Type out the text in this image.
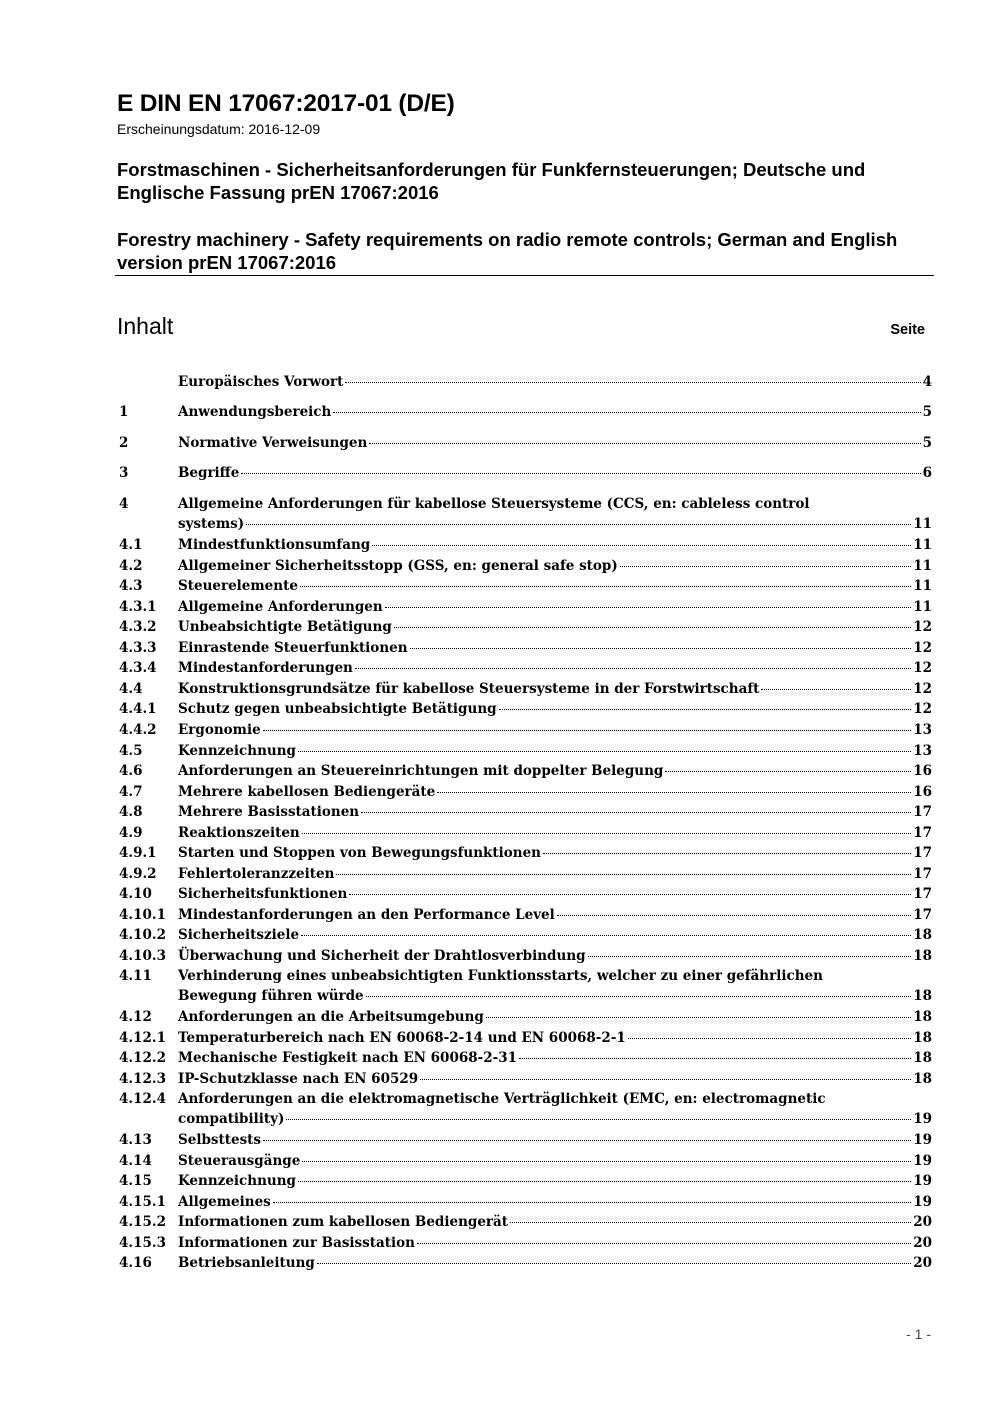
E DIN EN 17067:2017-01 (D/E)
Erscheinungsdatum: 2016-12-09
Forstmaschinen - Sicherheitsanforderungen für Funkfernsteuerungen; Deutsche und Englische Fassung prEN 17067:2016
Forestry machinery - Safety requirements on radio remote controls; German and English version prEN 17067:2016
Inhalt	Seite
Europäisches Vorwort	4
1	Anwendungsbereich	5
2	Normative Verweisungen	5
3	Begriffe	6
4	Allgemeine Anforderungen für kabellose Steuersysteme (CCS, en: cableless control
systems)	11
4.1	Mindestfunktionsumfang	11
4.2	Allgemeiner Sicherheitsstopp (GSS, en: general safe stop)	11
4.3	Steuerelemente	11
4.3.1 Allgemeine Anforderungen	11
4.3.2 Unbeabsichtigte Betätigung	12
4.3.3 Einrastende Steuerfunktionen	12
4.3.4 Mindestanforderungen	12
4.4	Konstruktionsgrundsätze für kabellose Steuersysteme in der Forstwirtschaft	12
4.4.1 Schutz gegen unbeabsichtigte Betätigung	12
4.4.2 Ergonomie	13
4.5	Kennzeichnung	13
4.6	Anforderungen an Steuereinrichtungen mit doppelter Belegung	16
4.7	Mehrere kabellosen Bediengeräte	16
4.8	Mehrere Basisstationen	17
4.9	Reaktionszeiten	17
4.9.1 Starten und Stoppen von Bewegungsfunktionen	17
4.9.2 Fehlertoleranzzeiten	17
4.10 Sicherheitsfunktionen	17
4.10.1 Mindestanforderungen an den Performance Level	17
4.10.2 Sicherheitsziele	18
4.10.3 Überwachung und Sicherheit der Drahtlosverbindung	18
4.11 Verhinderung eines unbeabsichtigten Funktionsstarts, welcher zu einer gefährlichen
Bewegung führen würde	18
4.12 Anforderungen an die Arbeitsumgebung	18
4.12.1 Temperaturbereich nach EN 60068-2-14 und EN 60068-2-1	18
4.12.2 Mechanische Festigkeit nach EN 60068-2-31	18
4.12.3 IP-Schutzklasse nach EN 60529	18
4.12.4 Anforderungen an die elektromagnetische Verträglichkeit (EMC, en: electromagnetic
compatibility)	19
4.13 Selbsttests	19
4.14 Steuerausgänge	19
4.15 Kennzeichnung	19
4.15.1 Allgemeines	19
4.15.2 Informationen zum kabellosen Bediengerät	20
4.15.3 Informationen zur Basisstation	20
4.16 Betriebsanleitung	20
- 1 -
